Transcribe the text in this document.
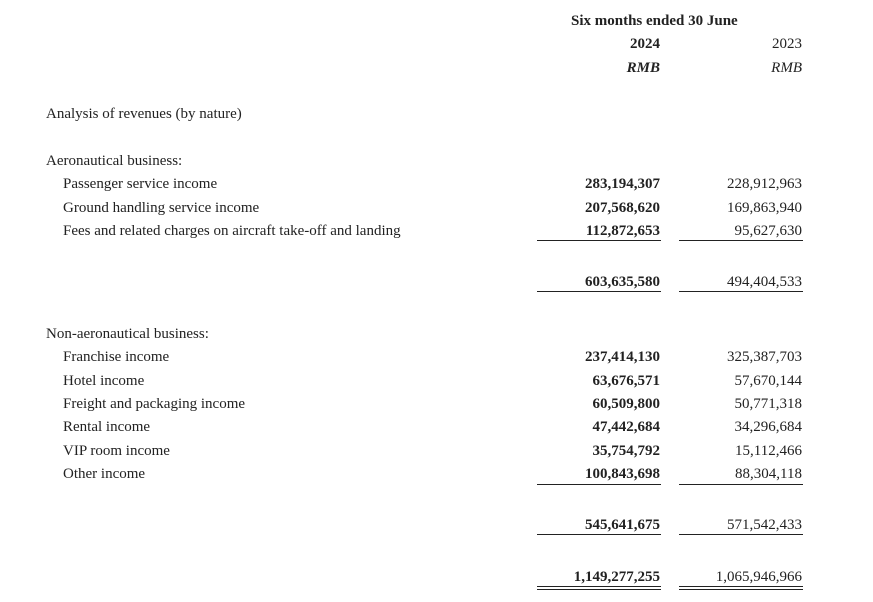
Six months ended 30 June
2024	2023
RMB	RMB
Analysis of revenues (by nature)
Aeronautical business:
Passenger service income	283,194,307	228,912,963
Ground handling service income	207,568,620	169,863,940
Fees and related charges on aircraft take-off and landing	112,872,653	95,627,630
603,635,580	494,404,533
Non-aeronautical business:
Franchise income	237,414,130	325,387,703
Hotel income	63,676,571	57,670,144
Freight and packaging income	60,509,800	50,771,318
Rental income	47,442,684	34,296,684
VIP room income	35,754,792	15,112,466
Other income	100,843,698	88,304,118
545,641,675	571,542,433
1,149,277,255	1,065,946,966
